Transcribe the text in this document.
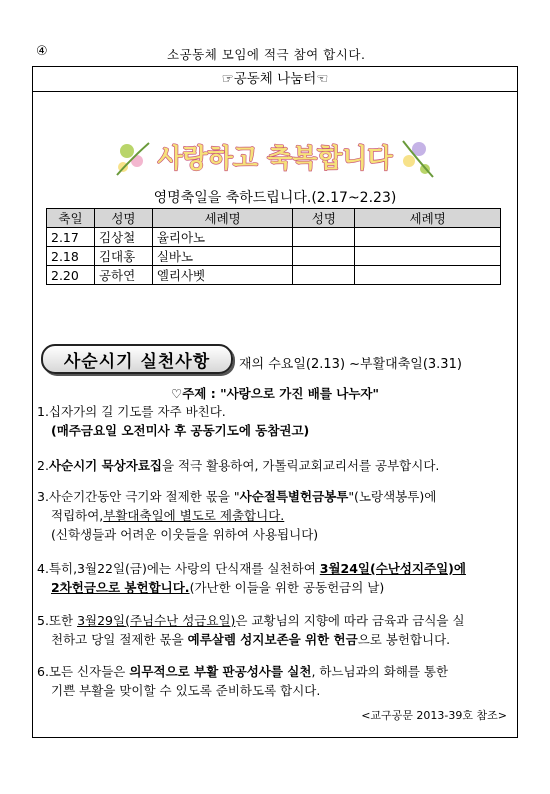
④	소공동체 모임에 적극 참여 합시다.
☞공동체 나눔터☜
사랑하고 축복합니다
영명축일을 축하드립니다.(2.17~2.23)
축일	성명	세례명	성명	세례명
2.17	김상철	율리아노		
2.18	김대홍	실바노		
2.20	공하연	엘리사벳		
사순시기 실천사항	재의 수요일(2.13) ~부활대축일(3.31)
♡주제 : "사랑으로 가진 배를 나누자"
1.십자가의 길 기도를 자주 바친다.
(매주금요일 오전미사 후 공동기도에 동참권고)
2.사순시기 묵상자료집을 적극 활용하여, 가톨릭교회교리서를 공부합시다.
3.사순기간동안 극기와 절제한 몫을 "사순절특별헌금봉투"(노랑색봉투)에
적립하여,부활대축일에 별도로 제출합니다.
(신학생들과 어려운 이웃들을 위하여 사용됩니다)
4.특히,3월22일(금)에는 사랑의 단식재를 실천하여 3월24일(수난성지주일)에
2차헌금으로 봉헌합니다.(가난한 이들을 위한 공동헌금의 날)
5.또한 3월29일(주님수난 성금요일)은 교황님의 지향에 따라 금육과 금식을 실
천하고 당일 절제한 몫을 예루살렘 성지보존을 위한 헌금으로 봉헌합니다.
6.모든 신자들은 의무적으로 부활 판공성사를 실천, 하느님과의 화해를 통한
기쁜 부활을 맞이할 수 있도록 준비하도록 합시다.
<교구공문 2013-39호 참조>
